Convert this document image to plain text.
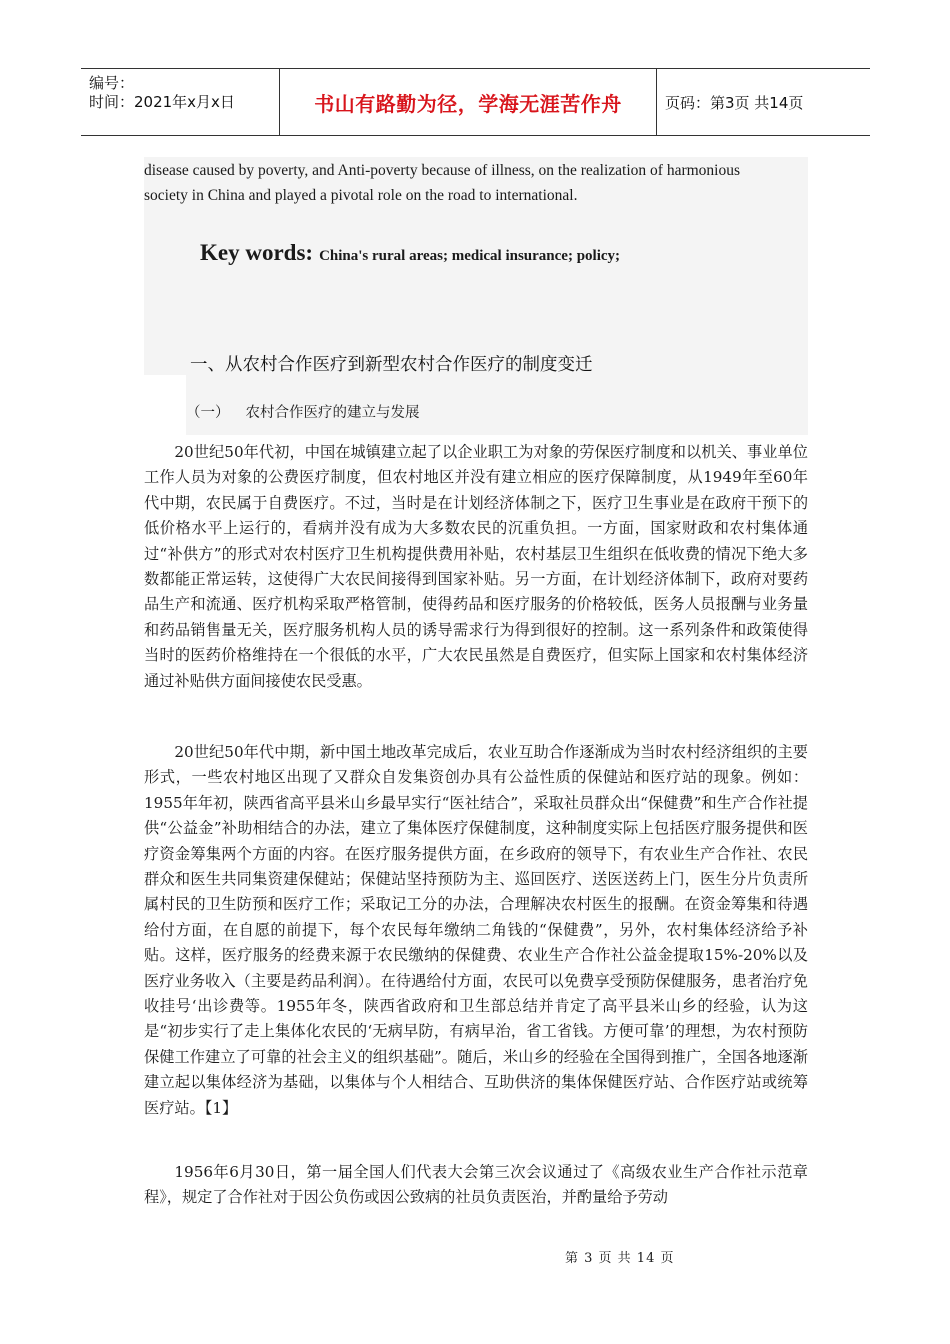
编号：
时间：2021年x月x日	书山有路勤为径，学海无涯苦作舟	页码：第3页 共14页
disease caused by poverty, and Anti-poverty because of illness, on the realization of harmonious
society in China and played a pivotal role on the road to international.
Key words: China's rural areas; medical insurance; policy;
一、从农村合作医疗到新型农村合作医疗的制度变迁
（一） 农村合作医疗的建立与发展

20世纪50年代初，中国在城镇建立起了以企业职工为对象的劳保医疗制度和以机关、事业单位工作人员为对象的公费医疗制度，但农村地区并没有建立相应的医疗保障制度，从1949年至60年代中期，农民属于自费医疗。不过，当时是在计划经济体制之下，医疗卫生事业是在政府干预下的低价格水平上运行的，看病并没有成为大多数农民的沉重负担。一方面，国家财政和农村集体通过“补供方”的形式对农村医疗卫生机构提供费用补贴，农村基层卫生组织在低收费的情况下绝大多数都能正常运转，这使得广大农民间接得到国家补贴。另一方面，在计划经济体制下，政府对要药品生产和流通、医疗机构采取严格管制，使得药品和医疗服务的价格较低，医务人员报酬与业务量和药品销售量无关，医疗服务机构人员的诱导需求行为得到很好的控制。这一系列条件和政策使得当时的医药价格维持在一个很低的水平，广大农民虽然是自费医疗，但实际上国家和农村集体经济通过补贴供方面间接使农民受惠。

20世纪50年代中期，新中国土地改革完成后，农业互助合作逐渐成为当时农村经济组织的主要形式，一些农村地区出现了又群众自发集资创办具有公益性质的保健站和医疗站的现象。例如：1955年年初，陕西省高平县米山乡最早实行“医社结合”，采取社员群众出“保健费”和生产合作社提供“公益金”补助相结合的办法，建立了集体医疗保健制度，这种制度实际上包括医疗服务提供和医疗资金筹集两个方面的内容。在医疗服务提供方面，在乡政府的领导下，有农业生产合作社、农民群众和医生共同集资建保健站；保健站坚持预防为主、巡回医疗、送医送药上门，医生分片负责所属村民的卫生防预和医疗工作；采取记工分的办法，合理解决农村医生的报酬。在资金筹集和待遇给付方面，在自愿的前提下，每个农民每年缴纳二角钱的“保健费”，另外，农村集体经济给予补贴。这样，医疗服务的经费来源于农民缴纳的保健费、农业生产合作社公益金提取15%-20%以及医疗业务收入（主要是药品利润）。在待遇给付方面，农民可以免费享受预防保健服务，患者治疗免收挂号‘出诊费等。1955年冬，陕西省政府和卫生部总结并肯定了高平县米山乡的经验，认为这是“初步实行了走上集体化农民的‘无病早防，有病早治，省工省钱。方便可靠’的理想，为农村预防保健工作建立了可靠的社会主义的组织基础”。随后，米山乡的经验在全国得到推广，全国各地逐渐建立起以集体经济为基础，以集体与个人相结合、互助供济的集体保健医疗站、合作医疗站或统筹医疗站。【1】

1956年6月30日，第一届全国人们代表大会第三次会议通过了《高级农业生产合作社示范章程》，规定了合作社对于因公负伤或因公致病的社员负责医治，并酌量给予劳动

第 3 页 共 14 页
